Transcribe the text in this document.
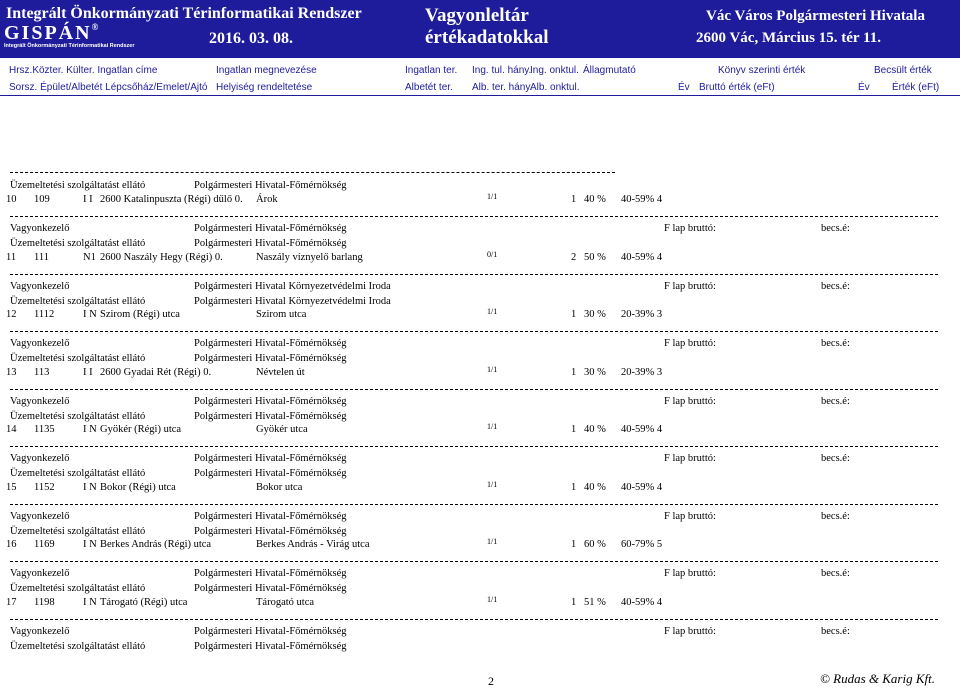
Integrált Önkormányzati Térinformatikai Rendszer
GISPÁN®
Integrált Önkormányzati Térinformatikai Rendszer	2016. 03. 08.
Vagyonleltár
értékadatokkal
Vác Város Polgármesteri Hivatala
2600 Vác, Március 15. tér 11.
Hrsz.Közter. Külter. Ingatlan címe	Ingatlan megnevezése	Ingatlan ter. Ing. tul. hány.
Ing. onktul. Állagmutató	Könyv szerinti érték	Becsült érték
Sorsz. Épület/Albetét Lépcsőház/Emelet/Ajtó Helyiség rendeltetése	Albetét ter. Alb. ter. hány.
Alb. onktul.	Év Bruttó érték (eFt)	Év Érték (eFt)
Üzemeltetési szolgáltatást ellátó	Polgármesteri Hivatal-Főmérnökség
10 109	I I 2600 Katalinpuszta (Régi) dűlő 0. Árok	1/1	1 40 % 40-59% 4
Vagyonkezelő	Polgármesteri Hivatal-Főmérnökség	F lap bruttó:	becs.é:
Üzemeltetési szolgáltatást ellátó	Polgármesteri Hivatal-Főmérnökség
11 111	N1 2600 Naszály Hegy (Régi) 0.	Naszály víznyelő barlang	0/1	2 50 % 40-59% 4
Vagyonkezelő	Polgármesteri Hivatal Környezetvédelmi Iroda	F lap bruttó:	becs.é:
Üzemeltetési szolgáltatást ellátó	Polgármesteri Hivatal Környezetvédelmi Iroda
12 1112	I N Szirom (Régi) utca	Szirom utca	1/1	1 30 % 20-39% 3
Vagyonkezelő	Polgármesteri Hivatal-Főmérnökség	F lap bruttó:	becs.é:
Üzemeltetési szolgáltatást ellátó	Polgármesteri Hivatal-Főmérnökség
13 113	I I 2600 Gyadai Rét (Régi) 0.	Névtelen út	1/1	1 30 % 20-39% 3
Vagyonkezelő	Polgármesteri Hivatal-Főmérnökség	F lap bruttó:	becs.é:
Üzemeltetési szolgáltatást ellátó	Polgármesteri Hivatal-Főmérnökség
14 1135	I N Gyökér (Régi) utca	Gyökér utca	1/1	1 40 % 40-59% 4
Vagyonkezelő	Polgármesteri Hivatal-Főmérnökség	F lap bruttó:	becs.é:
Üzemeltetési szolgáltatást ellátó	Polgármesteri Hivatal-Főmérnökség
15 1152	I N Bokor (Régi) utca	Bokor utca	1/1	1 40 % 40-59% 4
Vagyonkezelő	Polgármesteri Hivatal-Főmérnökség	F lap bruttó:	becs.é:
Üzemeltetési szolgáltatást ellátó	Polgármesteri Hivatal-Főmérnökség
16 1169	I N Berkes András (Régi) utca	Berkes András - Virág utca	1/1	1 60 % 60-79% 5
Vagyonkezelő	Polgármesteri Hivatal-Főmérnökség	F lap bruttó:	becs.é:
Üzemeltetési szolgáltatást ellátó	Polgármesteri Hivatal-Főmérnökség
17 1198	I N Tárogató (Régi) utca	Tárogató utca	1/1	1 51 % 40-59% 4
Vagyonkezelő	Polgármesteri Hivatal-Főmérnökség	F lap bruttó:	becs.é:
Üzemeltetési szolgáltatást ellátó	Polgármesteri Hivatal-Főmérnökség
2	© Rudas & Karig Kft.
